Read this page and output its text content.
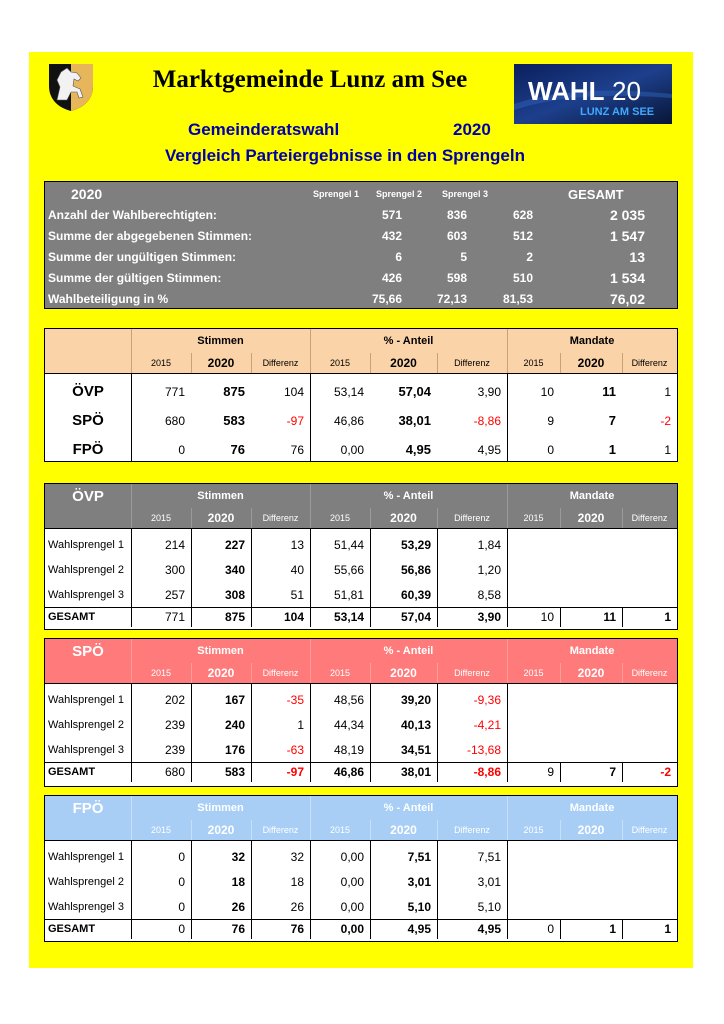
WAHL 20
LUNZ AM SEE
Marktgemeinde Lunz am See
Gemeinderatswahl	2020
Vergleich Parteiergebnisse in den Sprengeln
2020	Sprengel 1 Sprengel 2 Sprengel 3	GESAMT
Anzahl der Wahlberechtigten:	571	836	628	2 035
Summe der abgegebenen Stimmen:	432	603	512	1 547
Summe der ungültigen Stimmen:	6	5	2	13
Summe der gültigen Stimmen:	426	598	510	1 534
Wahlbeteiligung in %	75,66	72,13	81,53	76,02
Stimmen	% - Anteil	Mandate
2015	2020	Differenz	2015	2020	Differenz	2015	2020	Differenz
ÖVP	771	875	104	53,14	57,04	3,90	10	11	1
SPÖ	680	583	-97	46,86	38,01	-8,86	9	7	-2
FPÖ	0	76	76	0,00	4,95	4,95	0	1	1
ÖVP	Stimmen	% - Anteil	Mandate
2015	2020	Differenz	2015	2020	Differenz	2015	2020	Differenz
Wahlsprengel 1	214	227	13	51,44	53,29	1,84
Wahlsprengel 2	300	340	40	55,66	56,86	1,20
Wahlsprengel 3	257	308	51	51,81	60,39	8,58
GESAMT	771	875	104	53,14	57,04	3,90	10	11	1
SPÖ	Stimmen	% - Anteil	Mandate
2015	2020	Differenz	2015	2020	Differenz	2015	2020	Differenz
Wahlsprengel 1	202	167	-35	48,56	39,20	-9,36
Wahlsprengel 2	239	240	1	44,34	40,13	-4,21
Wahlsprengel 3	239	176	-63	48,19	34,51	-13,68
GESAMT	680	583	-97	46,86	38,01	-8,86	9	7	-2
FPÖ	Stimmen	% - Anteil	Mandate
2015	2020	Differenz	2015	2020	Differenz	2015	2020	Differenz
Wahlsprengel 1	0	32	32	0,00	7,51	7,51
Wahlsprengel 2	0	18	18	0,00	3,01	3,01
Wahlsprengel 3	0	26	26	0,00	5,10	5,10
GESAMT	0	76	76	0,00	4,95	4,95	0	1	1
